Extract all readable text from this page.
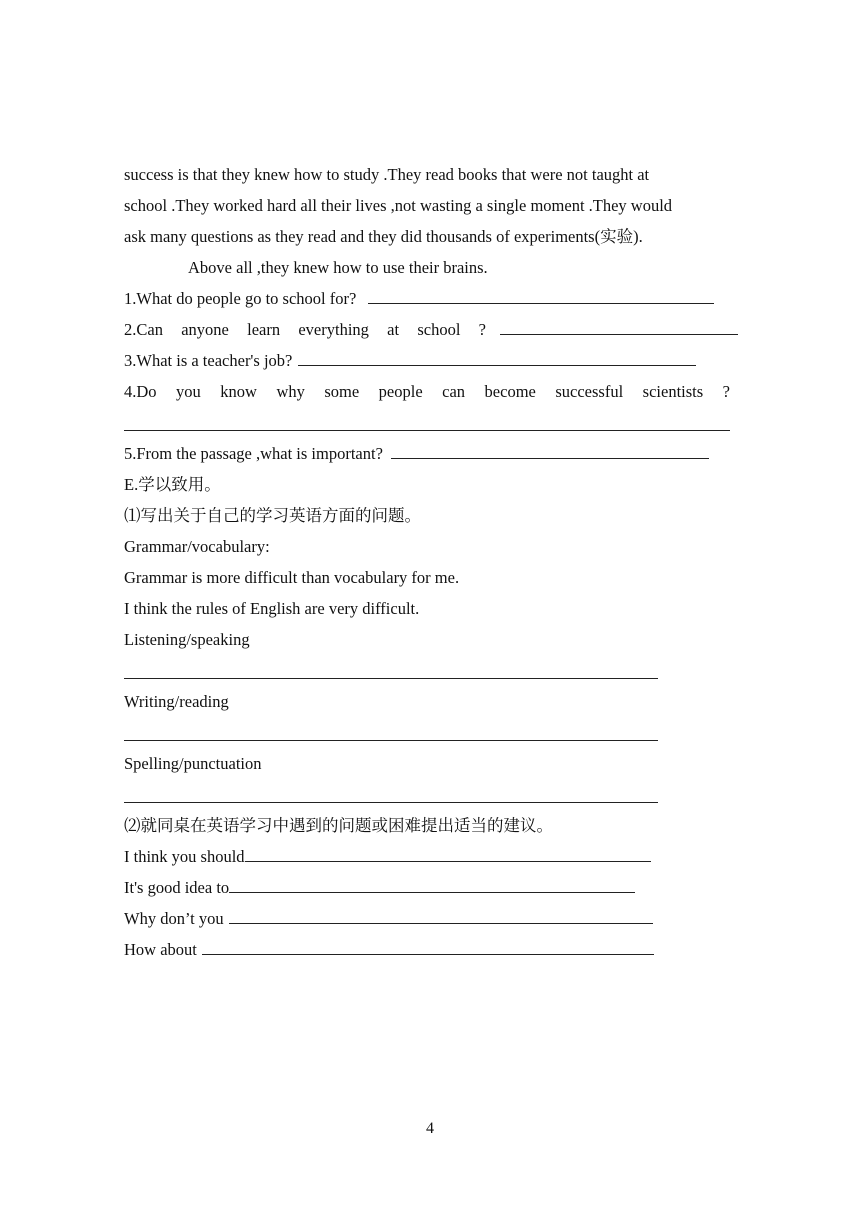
success is that they knew how to study .They read books that were not taught at
school .They worked hard all their lives ,not wasting a single moment .They would
ask many questions as they read and they did thousands of experiments(实验).
Above all ,they knew how to use their brains.
1.What do people go to school for?
2.Can anyone learn everything at school ?
3.What is a teacher's job?
4.Do you know why some people can become successful scientists ?
5.From the passage ,what is important?
E.学以致用。
⑴写出关于自己的学习英语方面的问题。
Grammar/vocabulary:
Grammar is more difficult than vocabulary for me.
I think the rules of English are very difficult.
Listening/speaking
Writing/reading
Spelling/punctuation
⑵就同桌在英语学习中遇到的问题或困难提出适当的建议。
I think you should
It's good idea to
Why don’t you
How about
4
